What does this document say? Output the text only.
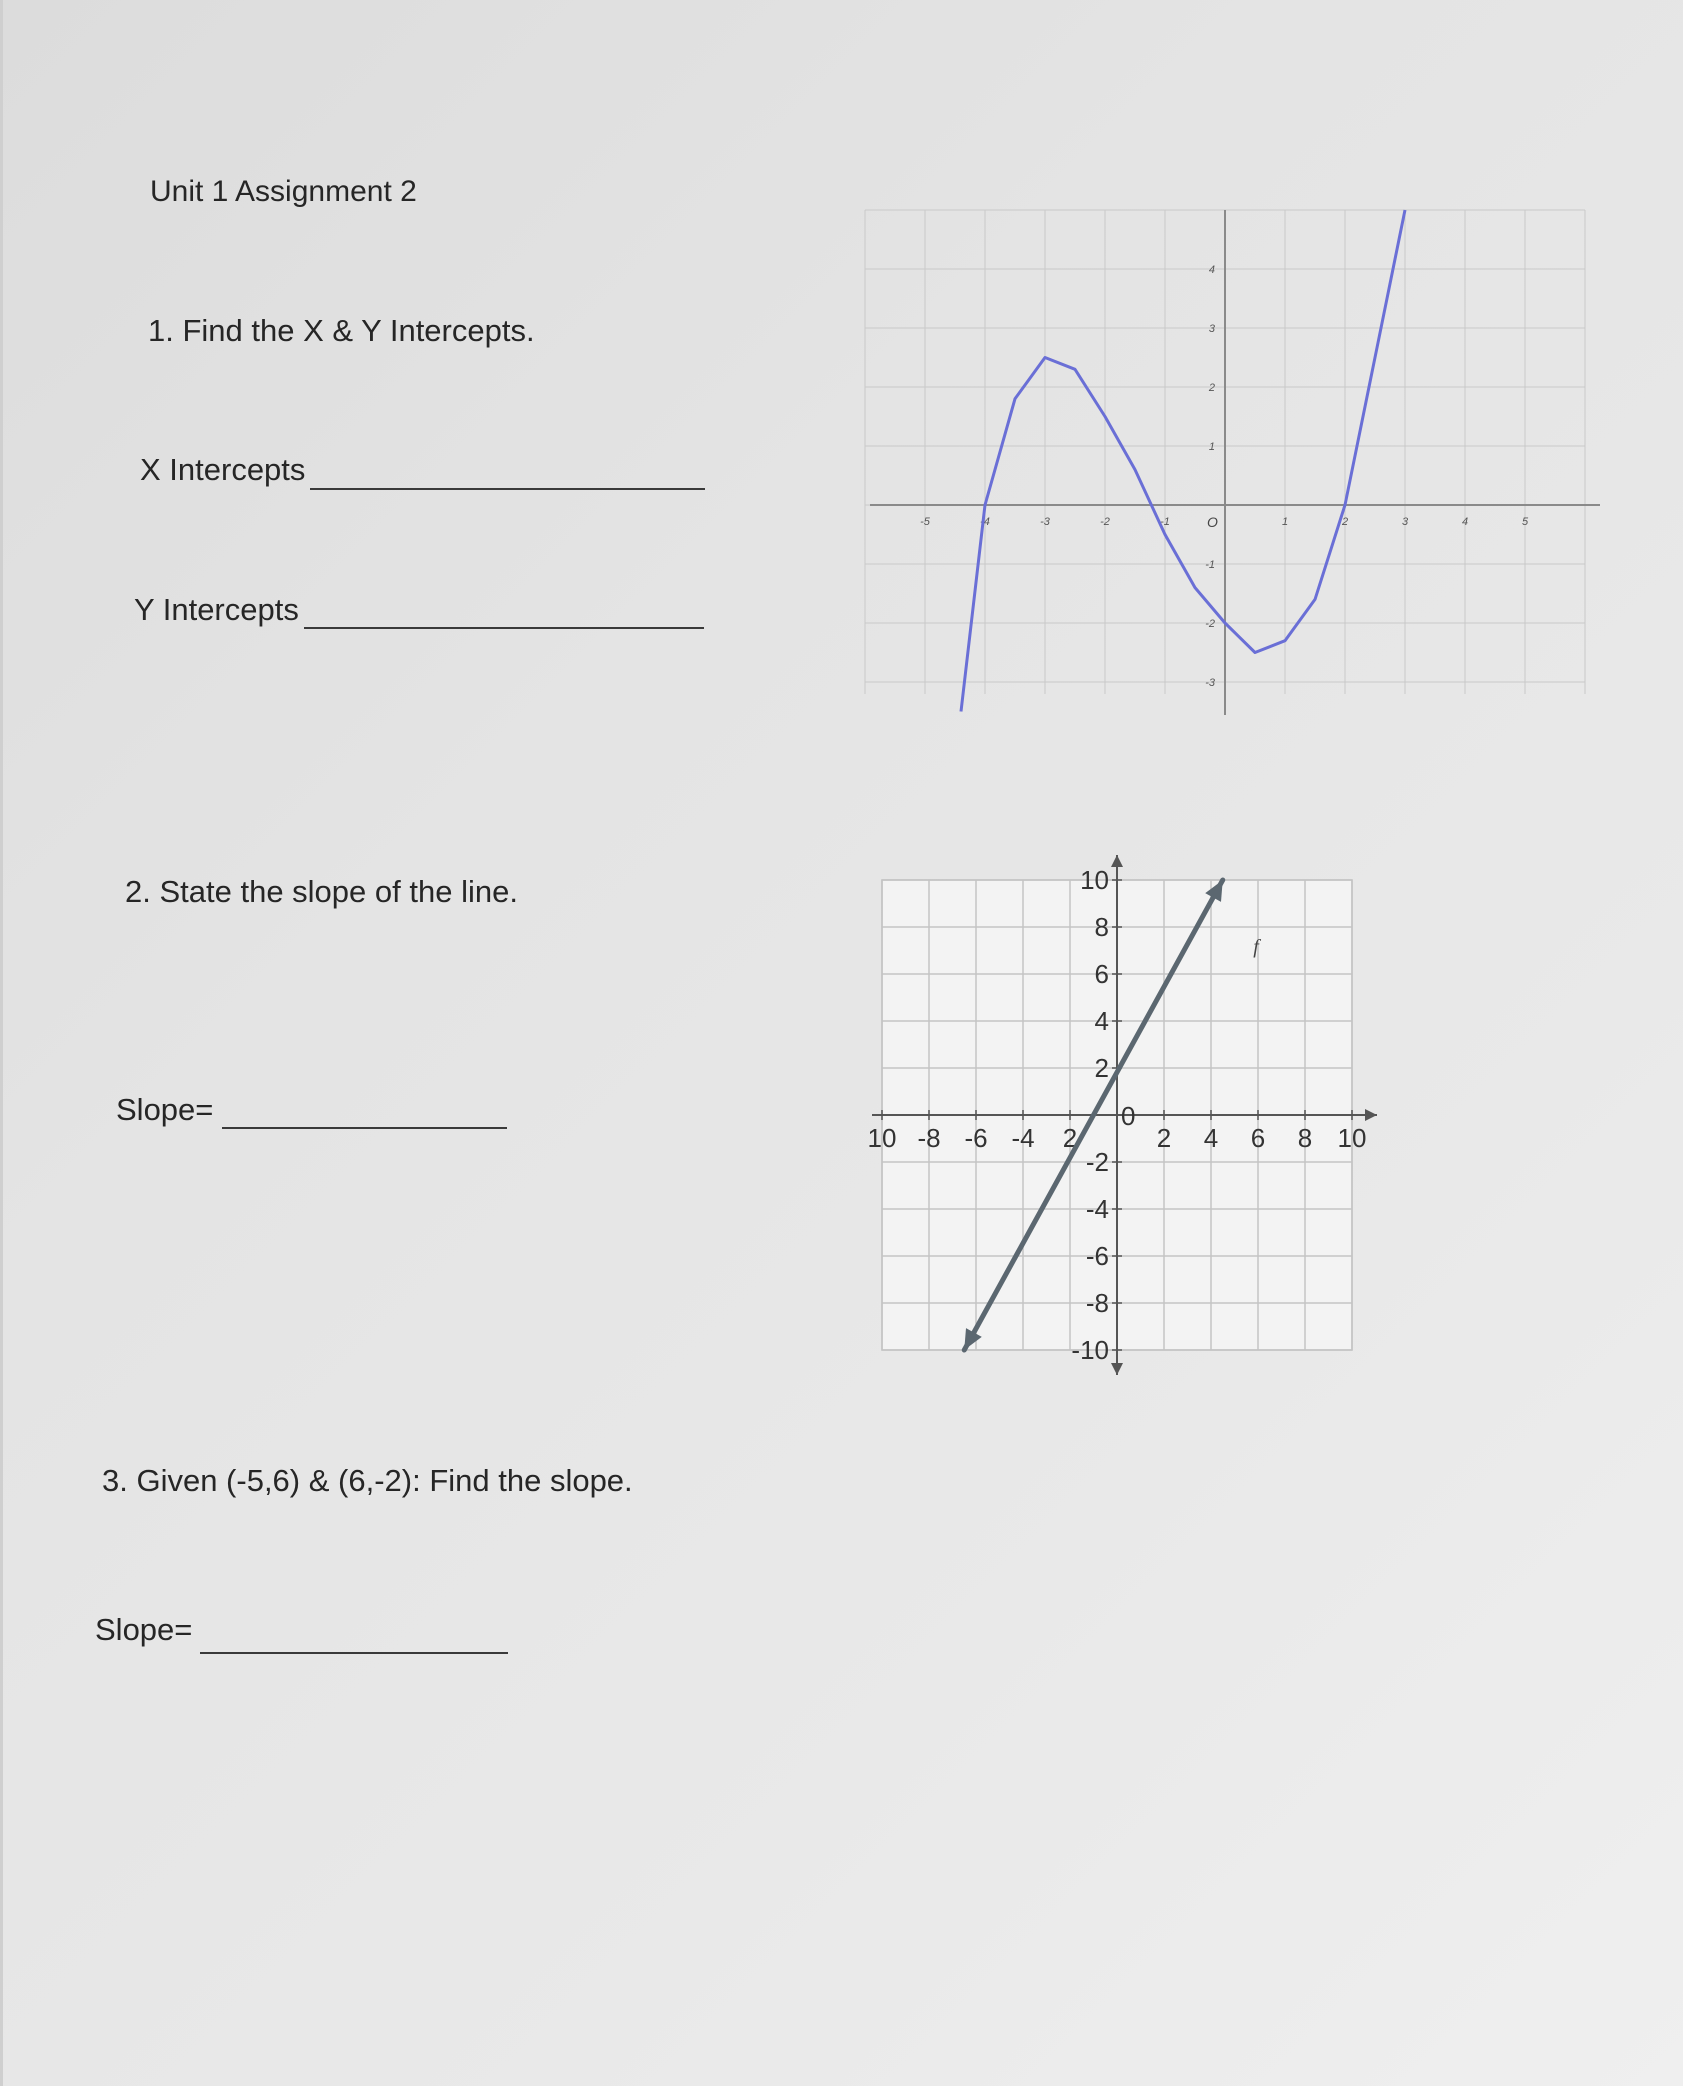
Unit 1 Assignment 2
1. Find the X & Y Intercepts.
X Intercepts
Y Intercepts
2. State the slope of the line.
Slope=
3. Given (-5,6) & (6,-2): Find the slope.
Slope=
-5	-4	-3	-2	-1	1	2	3	4	5
4
3
2
1
-1
-2
-3
O
10 -8 -6 -4 2	2 4 6 8 10
10
8
6
4
2
-2
-4
-6
-8
-10
0
f
